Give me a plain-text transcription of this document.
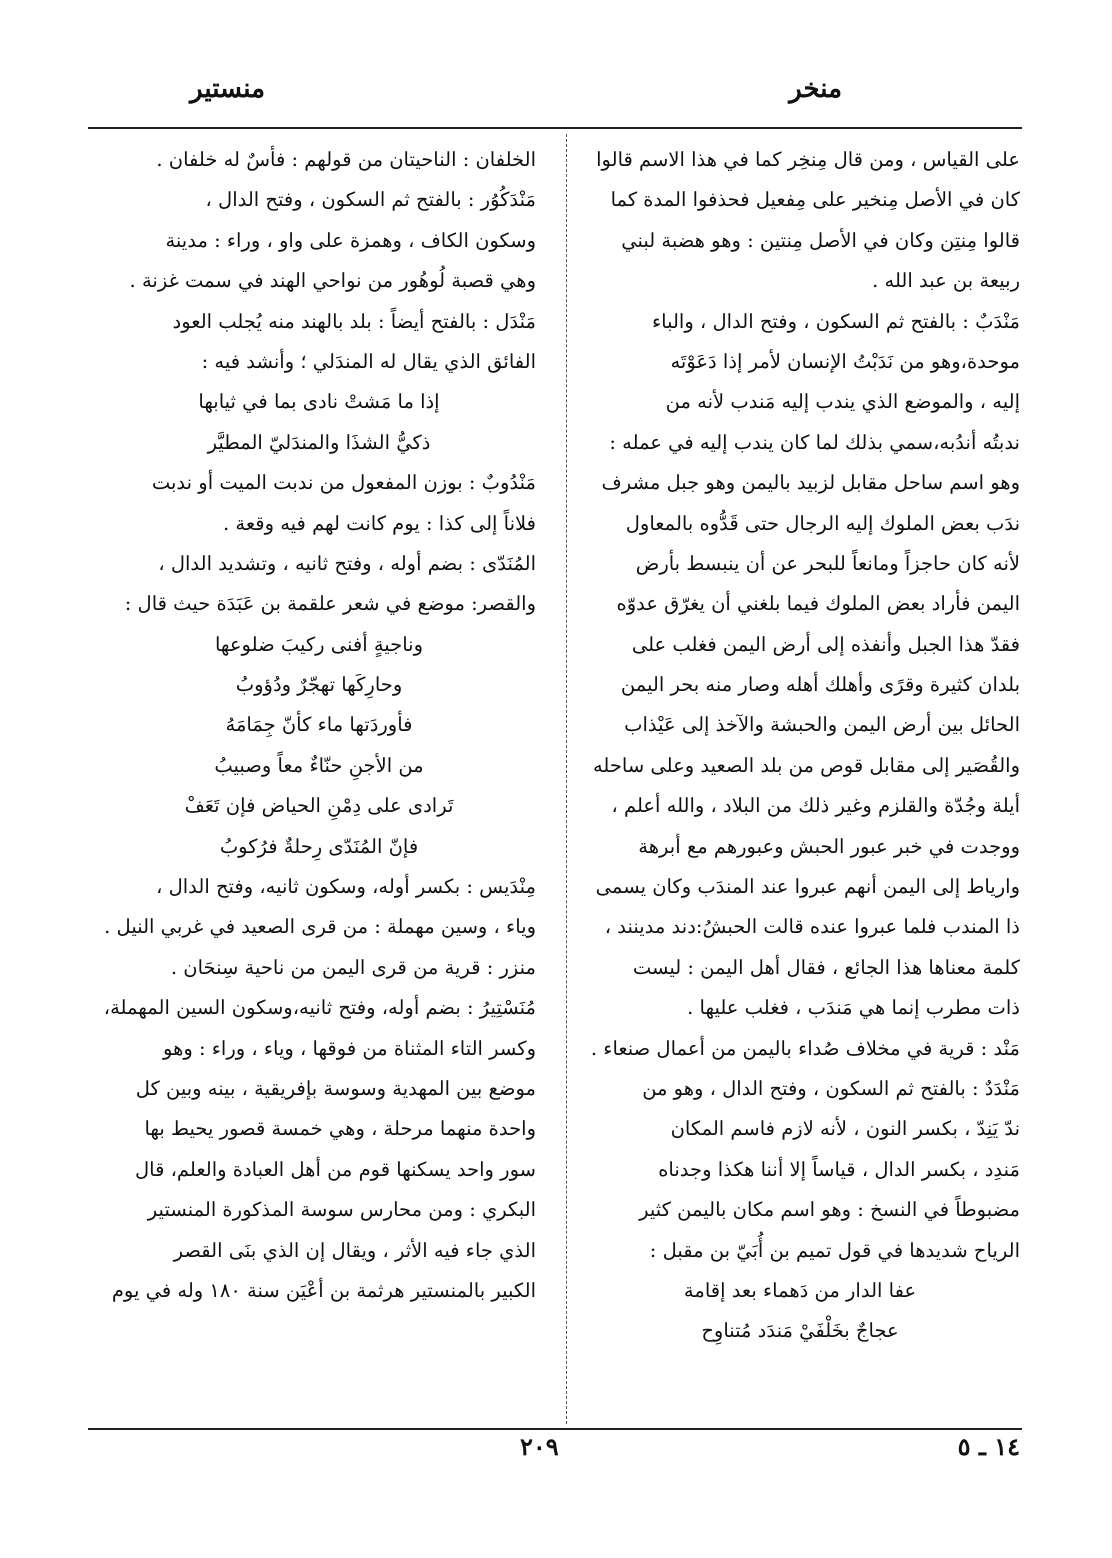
منخر
منستير
على القياس ، ومن قال مِنخِر كما في هذا الاسم قالوا
كان في الأصل مِنخير على مِفعيل فحذفوا المدة كما
قالوا مِنتِن وكان في الأصل مِنتين : وهو هضبة لبني
ربيعة بن عبد الله .
مَنْدَبٌ : بالفتح ثم السكون ، وفتح الدال ، والباء
موحدة،وهو من نَدَبْتُ الإنسان لأمر إذا دَعَوْتَه
إليه ، والموضع الذي يندب إليه مَندب لأنه من
ندبتُه أندُبه،سمي بذلك لما كان يندب إليه في عمله :
وهو اسم ساحل مقابل لزبيد باليمن وهو جبل مشرف
ندَب بعض الملوك إليه الرجال حتى قَدُّوه بالمعاول
لأنه كان حاجزاً ومانعاً للبحر عن أن ينبسط بأرض
اليمن فأراد بعض الملوك فيما بلغني أن يغرّق عدوّه
فقدّ هذا الجبل وأنفذه إلى أرض اليمن فغلب على
بلدان كثيرة وقرًى وأهلك أهله وصار منه بحر اليمن
الحائل بين أرض اليمن والحبشة والآخذ إلى عَيْذاب
والقُصَير إلى مقابل قوص من بلد الصعيد وعلى ساحله
أيلة وجُدّة والقلزم وغير ذلك من البلاد ، والله أعلم ،
ووجدت في خبر عبور الحبش وعبورهم مع أبرهة
وارياط إلى اليمن أنهم عبروا عند المندَب وكان يسمى
ذا المندب فلما عبروا عنده قالت الحبشُ:دند مدينند ،
كلمة معناها هذا الجائع ، فقال أهل اليمن : ليست
ذات مطرب إنما هي مَندَب ، فغلب عليها .
مَنْد : قرية في مخلاف صُداء باليمن من أعمال صنعاء .
مَنْدَدٌ : بالفتح ثم السكون ، وفتح الدال ، وهو من
ندّ يَنِدّ ، بكسر النون ، لأنه لازم فاسم المكان
مَندِد ، بكسر الدال ، قياساً إلا أننا هكذا وجدناه
مضبوطاً في النسخ : وهو اسم مكان باليمن كثير
الرياح شديدها في قول تميم بن أُبَيّ بن مقبل :
عفا الدار من دَهماء بعد إقامة
عجاجٌ بخَلْفَيْ مَندَد مُتناوِح
الخلفان : الناحيتان من قولهم : فأسٌ له خلفان .
مَنْدَكُوُر : بالفتح ثم السكون ، وفتح الدال ،
وسكون الكاف ، وهمزة على واو ، وراء : مدينة
وهي قصبة لُوهُور من نواحي الهند في سمت غزنة .
مَنْدَل : بالفتح أيضاً : بلد بالهند منه يُجلب العود
الفائق الذي يقال له المندَلي ؛ وأنشد فيه :
إذا ما مَشتْ نادى بما في ثيابها
ذكيُّ الشذَا والمندَليّ المطيَّر
مَنْدُوبٌ : بوزن المفعول من ندبت الميت أو ندبت
فلاناً إلى كذا : يوم كانت لهم فيه وقعة .
المُنَدّى : بضم أوله ، وفتح ثانيه ، وتشديد الدال ،
والقصر: موضع في شعر علقمة بن عَبَدَة حيث قال :
وناجيةٍ أفنى ركيبَ ضلوعها
وحارِكَها تهجّرٌ ودُؤوبُ
فأوردَتها ماء كأنّ جِمَامَهُ
من الأجنِ حنّاءٌ معاً وصبيبُ
تَرادى على دِمْنِ الحياض فإن تَعَفْ
فإنّ المُنَدّى رِحلةٌ فرُكوبُ
مِنْدَيس : بكسر أوله، وسكون ثانيه، وفتح الدال ،
وياء ، وسين مهملة : من قرى الصعيد في غربي النيل .
منزر : قرية من قرى اليمن من ناحية سِنحَان .
مُنَسْتِيرُ : بضم أوله، وفتح ثانيه،وسكون السين المهملة،
وكسر التاء المثناة من فوقها ، وياء ، وراء : وهو
موضع بين المهدية وسوسة بإفريقية ، بينه وبين كل
واحدة منهما مرحلة ، وهي خمسة قصور يحيط بها
سور واحد يسكنها قوم من أهل العبادة والعلم، قال
البكري : ومن محارس سوسة المذكورة المنستير
الذي جاء فيه الأثر ، ويقال إن الذي بنَى القصر
الكبير بالمنستير هرثمة بن أعْيَن سنة ١٨٠ وله في يوم
٢٠٩	١٤ ـ ٥
